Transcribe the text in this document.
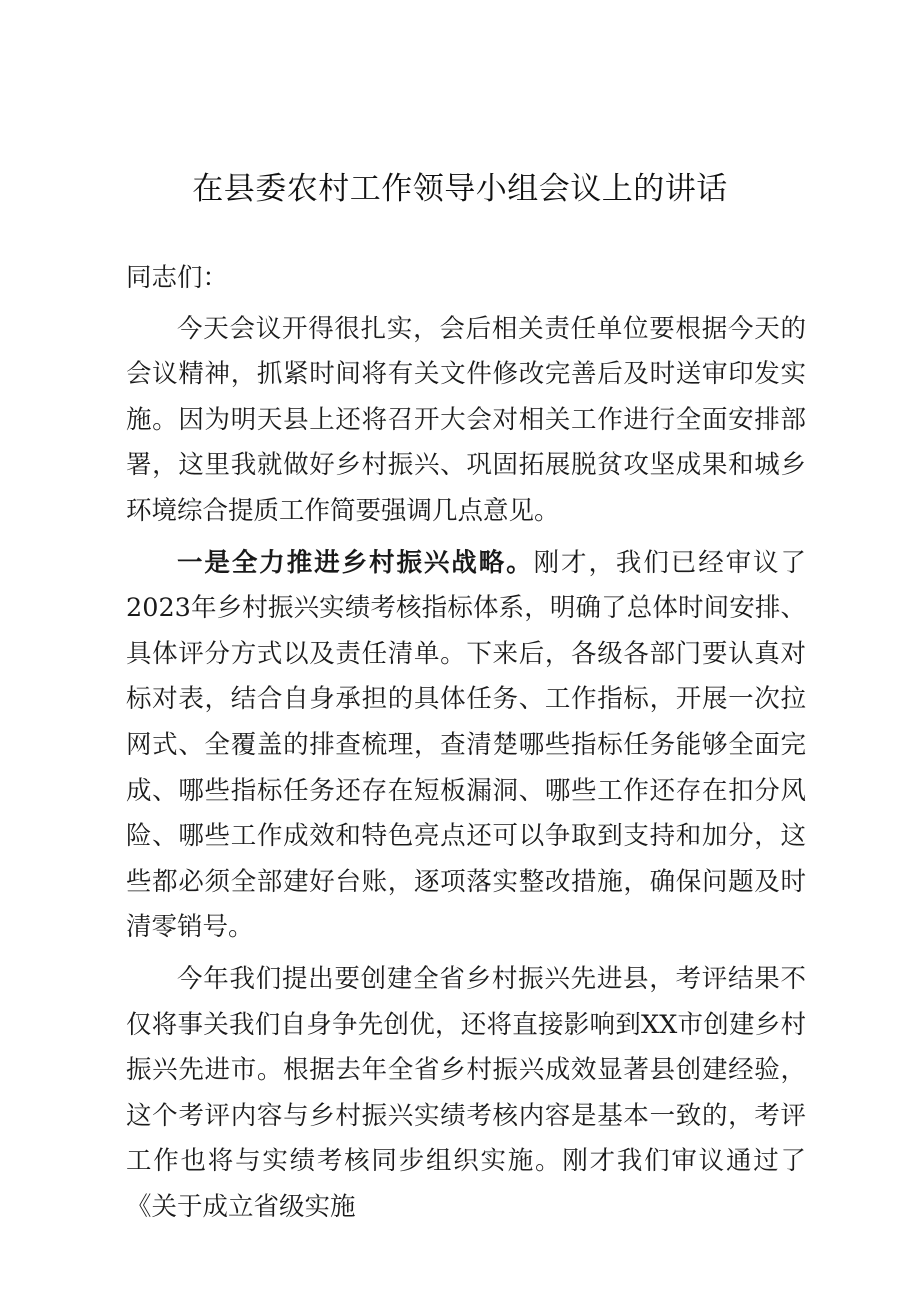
在县委农村工作领导小组会议上的讲话

同志们：

今天会议开得很扎实，会后相关责任单位要根据今天的会议精神，抓紧时间将有关文件修改完善后及时送审印发实施。因为明天县上还将召开大会对相关工作进行全面安排部署，这里我就做好乡村振兴、巩固拓展脱贫攻坚成果和城乡环境综合提质工作简要强调几点意见。

一是全力推进乡村振兴战略。刚才，我们已经审议了2023年乡村振兴实绩考核指标体系，明确了总体时间安排、具体评分方式以及责任清单。下来后，各级各部门要认真对标对表，结合自身承担的具体任务、工作指标，开展一次拉网式、全覆盖的排查梳理，查清楚哪些指标任务能够全面完成、哪些指标任务还存在短板漏洞、哪些工作还存在扣分风险、哪些工作成效和特色亮点还可以争取到支持和加分，这些都必须全部建好台账，逐项落实整改措施，确保问题及时清零销号。

今年我们提出要创建全省乡村振兴先进县，考评结果不仅将事关我们自身争先创优，还将直接影响到XX市创建乡村振兴先进市。根据去年全省乡村振兴成效显著县创建经验，这个考评内容与乡村振兴实绩考核内容是基本一致的，考评工作也将与实绩考核同步组织实施。刚才我们审议通过了《关于成立省级实施
